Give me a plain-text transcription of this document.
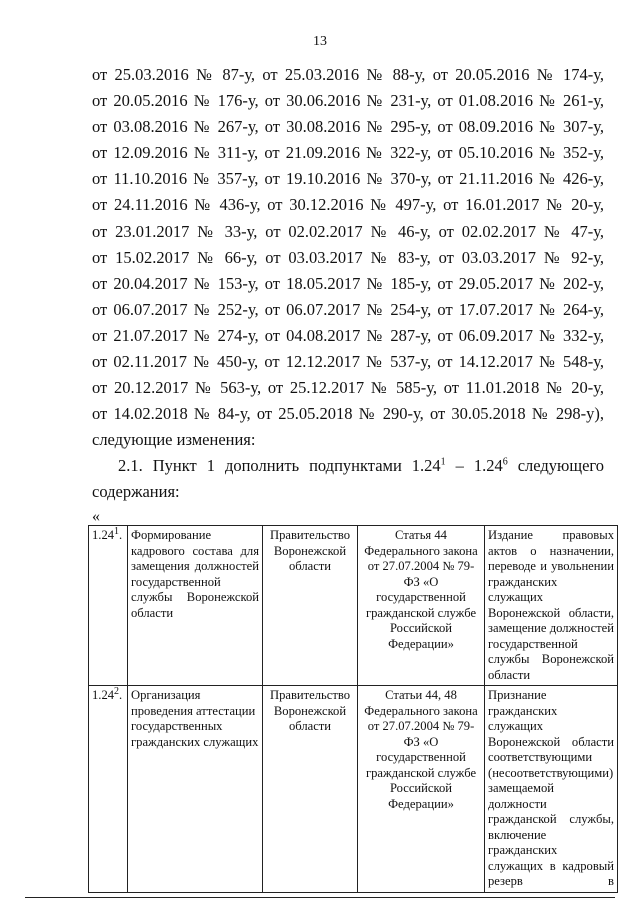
13
от 25.03.2016 № 87-у, от 25.03.2016 № 88-у, от 20.05.2016 № 174-у,
от 20.05.2016 № 176-у, от 30.06.2016 № 231-у, от 01.08.2016 № 261-у,
от 03.08.2016 № 267-у, от 30.08.2016 № 295-у, от 08.09.2016 № 307-у,
от 12.09.2016 № 311-у, от 21.09.2016 № 322-у, от 05.10.2016 № 352-у,
от 11.10.2016 № 357-у, от 19.10.2016 № 370-у, от 21.11.2016 № 426-у,
от 24.11.2016 № 436-у, от 30.12.2016 № 497-у, от 16.01.2017 № 20-у,
от 23.01.2017 № 33-у, от 02.02.2017 № 46-у, от 02.02.2017 № 47-у,
от 15.02.2017 № 66-у, от 03.03.2017 № 83-у, от 03.03.2017 № 92-у,
от 20.04.2017 № 153-у, от 18.05.2017 № 185-у, от 29.05.2017 № 202-у,
от 06.07.2017 № 252-у, от 06.07.2017 № 254-у, от 17.07.2017 № 264-у,
от 21.07.2017 № 274-у, от 04.08.2017 № 287-у, от 06.09.2017 № 332-у,
от 02.11.2017 № 450-у, от 12.12.2017 № 537-у, от 14.12.2017 № 548-у,
от 20.12.2017 № 563-у, от 25.12.2017 № 585-у, от 11.01.2018 № 20-у,
от 14.02.2018 № 84-у, от 25.05.2018 № 290-у, от 30.05.2018 № 298-у),
следующие изменения:
2.1. Пункт 1 дополнить подпунктами 1.24$^1$ – 1.24$^6$ следующего
содержания:
«
1.24$^1$.	Формирование кадрового состава для замещения должностей государственной службы Воронежской области	Правительство Воронежской области	Статья 44 Федерального закона от 27.07.2004 № 79-ФЗ «О государственной гражданской службе Российской Федерации»	Издание правовых актов о назначении, переводе и увольнении гражданских служащих Воронежской области, замещение должностей государственной службы Воронежской области

1.24$^2$.	Организация проведения аттестации государственных гражданских служащих	Правительство Воронежской области	Статьи 44, 48 Федерального закона от 27.07.2004 № 79-ФЗ «О государственной гражданской службе Российской Федерации»	Признание гражданских служащих Воронежской области соответствующими (несоответствующими) замещаемой должности гражданской службы, включение гражданских служащих в кадровый резерв в
